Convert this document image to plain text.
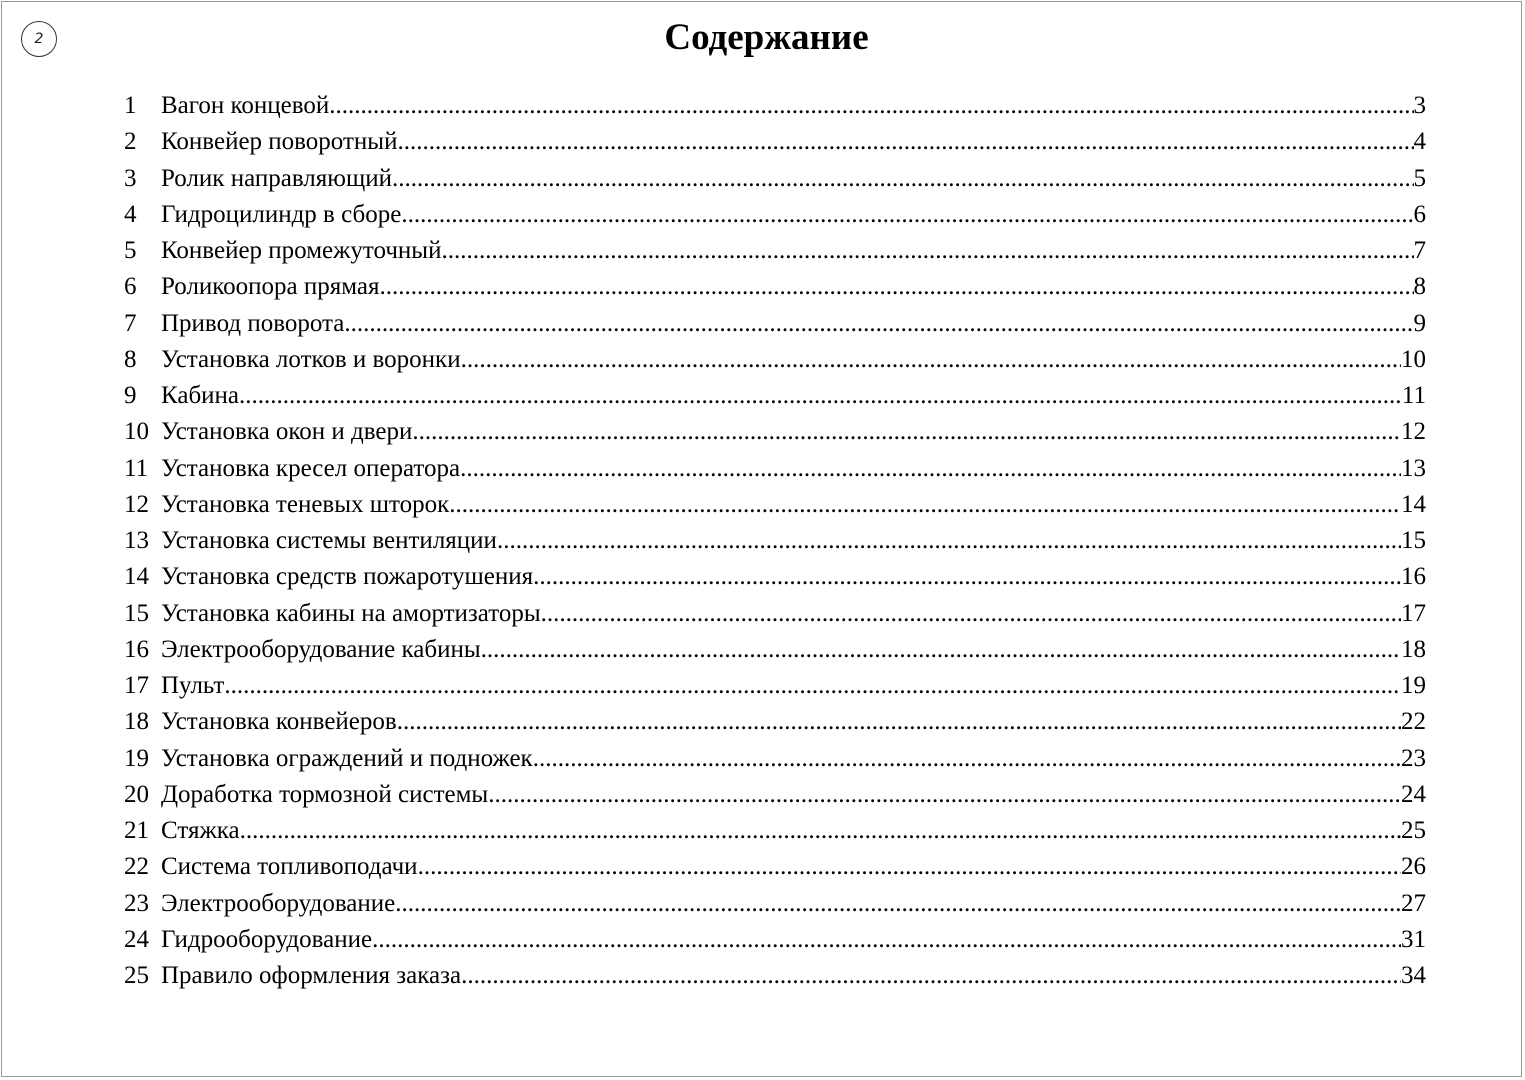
2	Содержание
1 Вагон концевой .....	3
2 Конвейер поворотный .....	4
3 Ролик направляющий .....	5
4 Гидроцилиндр в сборе .....	6
5 Конвейер промежуточный .....	7
6 Роликоопора прямая .....	8
7 Привод поворота .....	9
8 Установка лотков и воронки .....	10
9 Кабина .....	11
10 Установка окон и двери .....	12
11 Установка кресел оператора .....	13
12 Установка теневых шторок .....	14
13 Установка системы вентиляции .....	15
14 Установка средств пожаротушения .....	16
15 Установка кабины на амортизаторы .....	17
16 Электрооборудование кабины .....	18
17 Пульт .....	19
18 Установка конвейеров .....	22
19 Установка ограждений и подножек .....	23
20 Доработка тормозной системы .....	24
21 Стяжка .....	25
22 Система топливоподачи .....	26
23 Электрооборудование .....	27
24 Гидрооборудование .....	31
25 Правило оформления заказа .....	34
